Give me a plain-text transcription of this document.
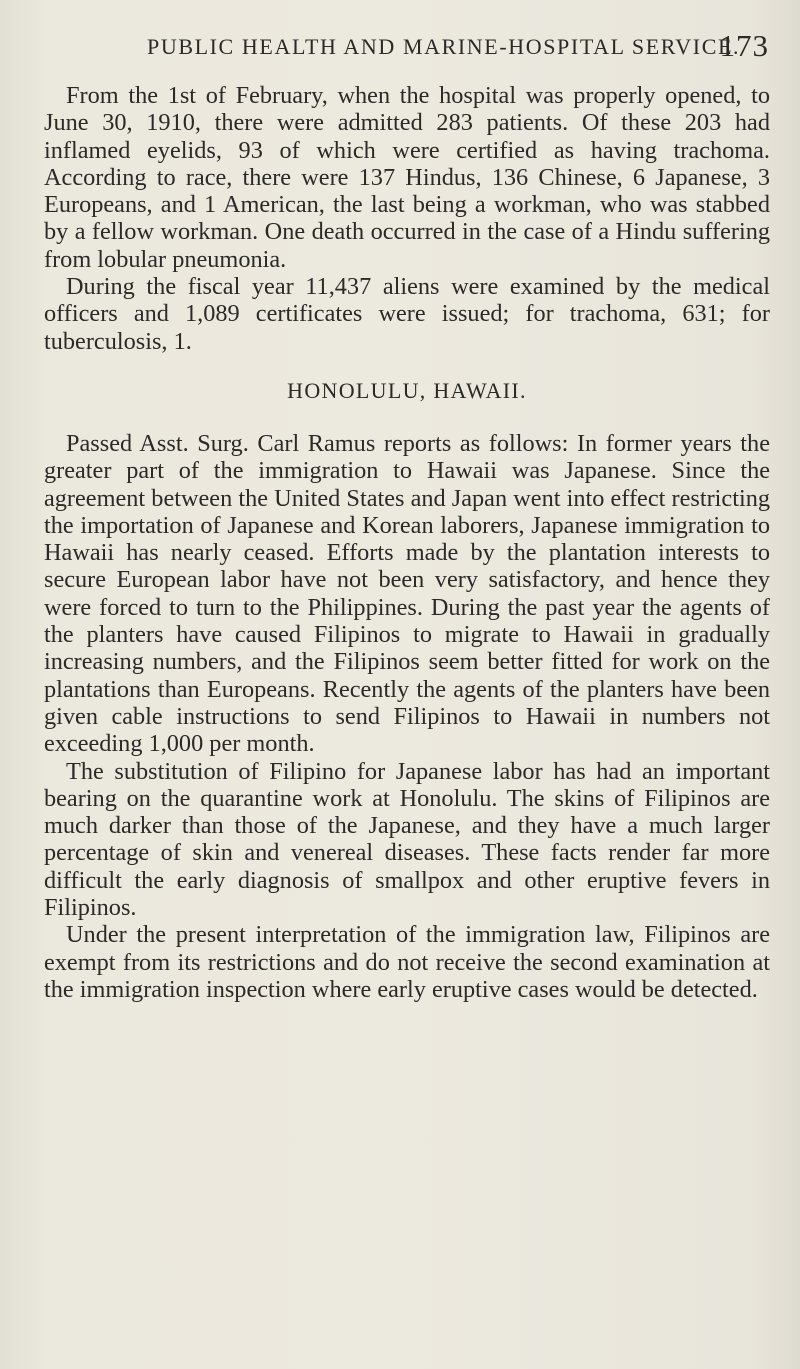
PUBLIC HEALTH AND MARINE-HOSPITAL SERVICE.
173

From the 1st of February, when the hospital was properly opened, to June 30, 1910, there were admitted 283 patients. Of these 203 had inflamed eyelids, 93 of which were certified as having trachoma. According to race, there were 137 Hindus, 136 Chinese, 6 Japanese, 3 Europeans, and 1 American, the last being a workman, who was stabbed by a fellow workman. One death occurred in the case of a Hindu suffering from lobular pneumonia.

During the fiscal year 11,437 aliens were examined by the medical officers and 1,089 certificates were issued; for trachoma, 631; for tuberculosis, 1.

HONOLULU, HAWAII.

Passed Asst. Surg. Carl Ramus reports as follows: In former years the greater part of the immigration to Hawaii was Japanese. Since the agreement between the United States and Japan went into effect restricting the importation of Japanese and Korean laborers, Japanese immigration to Hawaii has nearly ceased. Efforts made by the plantation interests to secure European labor have not been very satisfactory, and hence they were forced to turn to the Philippines. During the past year the agents of the planters have caused Filipinos to migrate to Hawaii in gradually increasing numbers, and the Filipinos seem better fitted for work on the plantations than Europeans. Recently the agents of the planters have been given cable instructions to send Filipinos to Hawaii in numbers not exceeding 1,000 per month.

The substitution of Filipino for Japanese labor has had an important bearing on the quarantine work at Honolulu. The skins of Filipinos are much darker than those of the Japanese, and they have a much larger percentage of skin and venereal diseases. These facts render far more difficult the early diagnosis of smallpox and other eruptive fevers in Filipinos.

Under the present interpretation of the immigration law, Filipinos are exempt from its restrictions and do not receive the second examination at the immigration inspection where early eruptive cases would be detected.
